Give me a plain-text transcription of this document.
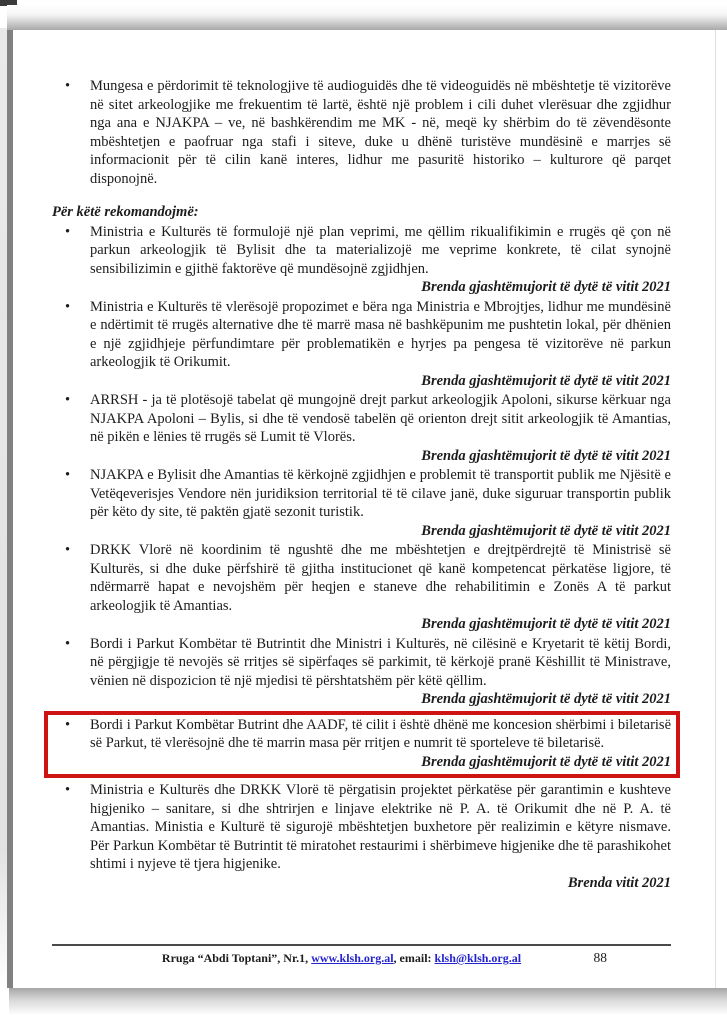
•	Mungesa e përdorimit të teknologjive të audioguidës dhe të videoguidës në mbështetje të vizitorëve në sitet arkeologjike me frekuentim të lartë, është një problem i cili duhet vlerësuar dhe zgjidhur nga ana e NJAKPA – ve, në bashkërendim me MK - në, meqë ky shërbim do të zëvendësonte mbështetjen e paofruar nga stafi i siteve, duke u dhënë turistëve mundësinë e marrjes së informacionit për të cilin kanë interes, lidhur me pasuritë historiko – kulturore që parqet disponojnë.

Për këtë rekomandojmë:

•	Ministria e Kulturës të formulojë një plan veprimi, me qëllim rikualifikimin e rrugës që çon në parkun arkeologjik të Bylisit dhe ta materializojë me veprime konkrete, të cilat synojnë sensibilizimin e gjithë faktorëve që mundësojnë zgjidhjen.

Brenda gjashtëmujorit të dytë të vitit 2021

•	Ministria e Kulturës të vlerësojë propozimet e bëra nga Ministria e Mbrojtjes, lidhur me mundësinë e ndërtimit të rrugës alternative dhe të marrë masa në bashkëpunim me pushtetin lokal, për dhënien e një zgjidhjeje përfundimtare për problematikën e hyrjes pa pengesa të vizitorëve në parkun arkeologjik të Orikumit.

Brenda gjashtëmujorit të dytë të vitit 2021

•	ARRSH - ja të plotësojë tabelat që mungojnë drejt parkut arkeologjik Apoloni, sikurse kërkuar nga NJAKPA Apoloni – Bylis, si dhe të vendosë tabelën që orienton drejt sitit arkeologjik të Amantias, në pikën e lënies të rrugës së Lumit të Vlorës.

Brenda gjashtëmujorit të dytë të vitit 2021

•	NJAKPA e Bylisit dhe Amantias të kërkojnë zgjidhjen e problemit të transportit publik me Njësitë e Vetëqeverisjes Vendore nën juridiksion territorial të të cilave janë, duke siguruar transportin publik për këto dy site, të paktën gjatë sezonit turistik.

Brenda gjashtëmujorit të dytë të vitit 2021

•	DRKK Vlorë në koordinim të ngushtë dhe me mbështetjen e drejtpërdrejtë të Ministrisë së Kulturës, si dhe duke përfshirë të gjitha institucionet që kanë kompetencat përkatëse ligjore, të ndërmarrë hapat e nevojshëm për heqjen e staneve dhe rehabilitimin e Zonës A të parkut arkeologjik të Amantias.

Brenda gjashtëmujorit të dytë të vitit 2021

•	Bordi i Parkut Kombëtar të Butrintit dhe Ministri i Kulturës, në cilësinë e Kryetarit të këtij Bordi, në përgjigje të nevojës së rritjes së sipërfaqes së parkimit, të kërkojë pranë Këshillit të Ministrave, vënien në dispozicion të një mjedisi të përshtatshëm për këtë qëllim.

Brenda gjashtëmujorit të dytë të vitit 2021

•	Bordi i Parkut Kombëtar Butrint dhe AADF, të cilit i është dhënë me koncesion shërbimi i biletarisë së Parkut, të vlerësojnë dhe të marrin masa për rritjen e numrit të sporteleve të biletarisë.

Brenda gjashtëmujorit të dytë të vitit 2021

•	Ministria e Kulturës dhe DRKK Vlorë të përgatisin projektet përkatëse për garantimin e kushteve higjeniko – sanitare, si dhe shtrirjen e linjave elektrike në P. A. të Orikumit dhe në P. A. të Amantias. Ministia e Kulturë të sigurojë mbështetjen buxhetore për realizimin e këtyre nismave. Për Parkun Kombëtar të Butrintit të miratohet restaurimi i shërbimeve higjenike dhe të parashikohet shtimi i nyjeve të tjera higjenike.

Brenda vitit 2021

Rruga “Abdi Toptani”, Nr.1, www.klsh.org.al, email: klsh@klsh.org.al	88
